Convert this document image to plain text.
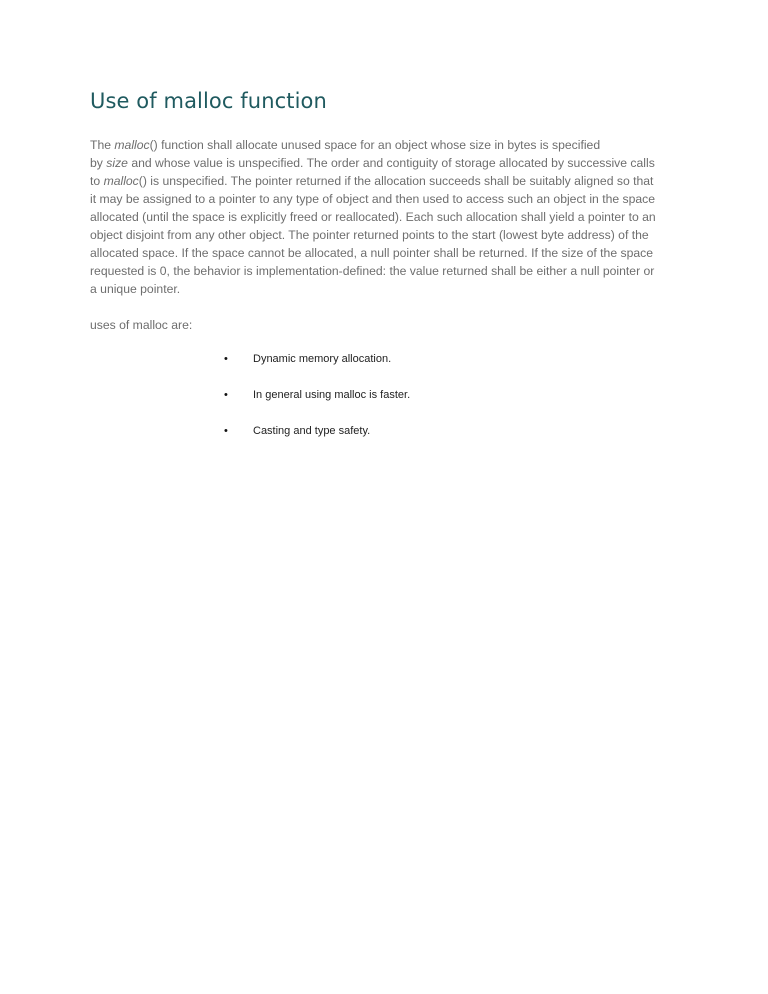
Use of malloc function

The malloc() function shall allocate unused space for an object whose size in bytes is specified
by size and whose value is unspecified. The order and contiguity of storage allocated by successive calls
to malloc() is unspecified. The pointer returned if the allocation succeeds shall be suitably aligned so that
it may be assigned to a pointer to any type of object and then used to access such an object in the space
allocated (until the space is explicitly freed or reallocated). Each such allocation shall yield a pointer to an
object disjoint from any other object. The pointer returned points to the start (lowest byte address) of the
allocated space. If the space cannot be allocated, a null pointer shall be returned. If the size of the space
requested is 0, the behavior is implementation-defined: the value returned shall be either a null pointer or
a unique pointer.

uses of malloc are:

• Dynamic memory allocation.
• In general using malloc is faster.
• Casting and type safety.
